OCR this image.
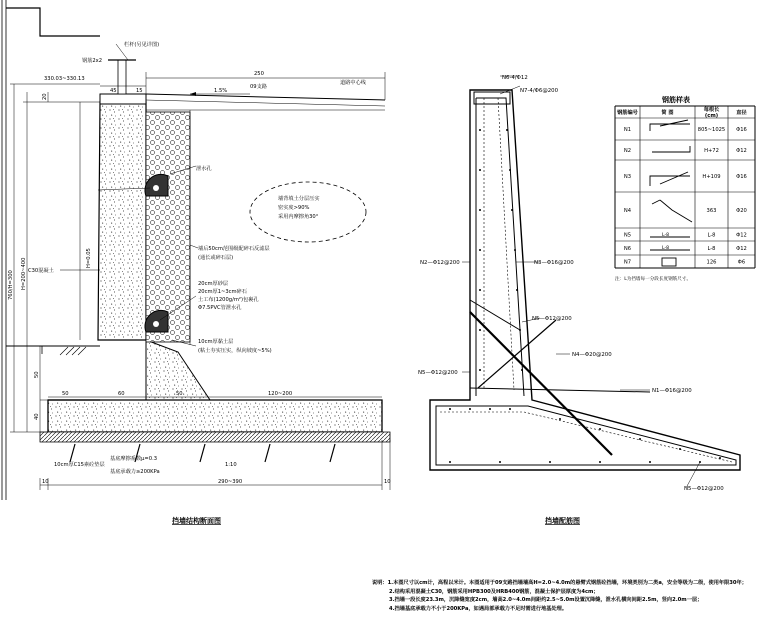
栏杆(另见详图)
钢筋2x2
330.03~330.13
250
09支路
道路中心线
1.5%
泄水孔
墙背填土分层压实
密实度>90%
采用内摩擦角30°
墙后50cm范围级配碎石反滤层
(通长或碎石层)
C30混凝土
20cm厚砂层
20cm厚1~3cm碎石
土工布(1200g/m²)包裹孔
Φ7.5PVC管泄水孔
10cm厚黏土层
(粘土夯实压实，纵向坡度~5%)
45	15
50	60	50	120~200
290~390
10	10
1:10
基底摩擦系数μ=0.3
基底承载力≥200KPa
10cm厚C15素砼垫层
760/H=300 H=200~400	H=0.05
20
50
40
挡墙结构断面图
N6-4/Φ12
N7-4/Φ6@200
N2—Φ12@200	N3—Φ16@200
N5—Φ12@200
N5—Φ12@200
N4—Φ20@200
N1—Φ16@200
N5—Φ12@200
挡墙配筋图
钢筋样表
钢筋编号	简 图	每根长
(cm)	直径
N1	805~1025 Φ16
N2	H+72	Φ12
N3	H+109	Φ16
N4	363	Φ20
N5	L-8	Φ12
N6	L-8	Φ12
N7	126	Φ6
L-8
L-8
注：L为挡墙每一分段长度钢筋尺寸。
说明：1.本图尺寸以cm计，高程以米计。本图适用于09支路挡墙墙高H=2.0~4.0m的悬臂式钢筋砼挡墙，环境类别为二类a，安全等级为二级，使用年限30年；
2.结构采用混凝土C30，钢筋采用HPB300及HRB400钢筋，混凝土保护层厚度为4cm；
3.挡墙一段长度23.3m，沉降缝宽度2cm，墙高2.0~4.0m间距约2.5~5.0m设置沉降缝，泄水孔横向间距2.5m，竖向2.0m一层；
4.挡墙基底承载力不小于200KPa，如遇局部承载力不足时需进行地基处理。
